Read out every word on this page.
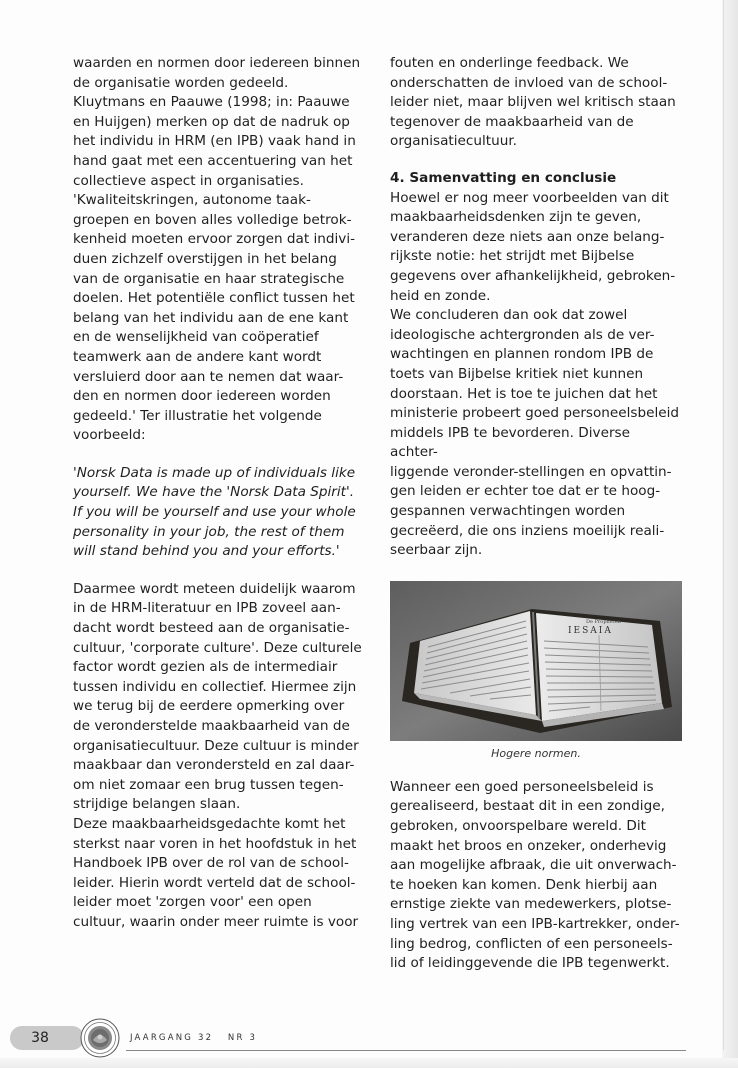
waarden en normen door iedereen binnen
de organisatie worden gedeeld.
Kluytmans en Paauwe (1998; in: Paauwe
en Huijgen) merken op dat de nadruk op
het individu in HRM (en IPB) vaak hand in
hand gaat met een accentuering van het
collectieve aspect in organisaties.
'Kwaliteitskringen, autonome taak-
groepen en boven alles volledige betrok-
kenheid moeten ervoor zorgen dat indivi-
duen zichzelf overstijgen in het belang
van de organisatie en haar strategische
doelen. Het potentiële conflict tussen het
belang van het individu aan de ene kant
en de wenselijkheid van coöperatief
teamwerk aan de andere kant wordt
versluierd door aan te nemen dat waar-
den en normen door iedereen worden
gedeeld.' Ter illustratie het volgende
voorbeeld:

'Norsk Data is made up of individuals like
yourself. We have the 'Norsk Data Spirit'.
If you will be yourself and use your whole
personality in your job, the rest of them
will stand behind you and your efforts.'

Daarmee wordt meteen duidelijk waarom
in de HRM-literatuur en IPB zoveel aan-
dacht wordt besteed aan de organisatie-
cultuur, 'corporate culture'. Deze culturele
factor wordt gezien als de intermediair
tussen individu en collectief. Hiermee zijn
we terug bij de eerdere opmerking over
de veronderstelde maakbaarheid van de
organisatiecultuur. Deze cultuur is minder
maakbaar dan verondersteld en zal daar-
om niet zomaar een brug tussen tegen-
strijdige belangen slaan.
Deze maakbaarheidsgedachte komt het
sterkst naar voren in het hoofdstuk in het
Handboek IPB over de rol van de school-
leider. Hierin wordt verteld dat de school-
leider moet 'zorgen voor' een open
cultuur, waarin onder meer ruimte is voor

fouten en onderlinge feedback. We
onderschatten de invloed van de school-
leider niet, maar blijven wel kritisch staan
tegenover de maakbaarheid van de
organisatiecultuur.

4. Samenvatting en conclusie

Hoewel er nog meer voorbeelden van dit
maakbaarheidsdenken zijn te geven,
veranderen deze niets aan onze belang-
rijkste notie: het strijdt met Bijbelse
gegevens over afhankelijkheid, gebroken-
heid en zonde.
We concluderen dan ook dat zowel
ideologische achtergronden als de ver-
wachtingen en plannen rondom IPB de
toets van Bijbelse kritiek niet kunnen
doorstaan. Het is toe te juichen dat het
ministerie probeert goed personeelsbeleid
middels IPB te bevorderen. Diverse achter-
liggende veronder-stellingen en opvattin-
gen leiden er echter toe dat er te hoog-
gespannen verwachtingen worden
gecreëerd, die ons inziens moeilijk reali-
seerbaar zijn.

De Propheten
IESAIA
Hogere normen.

Wanneer een goed personeelsbeleid is
gerealiseerd, bestaat dit in een zondige,
gebroken, onvoorspelbare wereld. Dit
maakt het broos en onzeker, onderhevig
aan mogelijke afbraak, die uit onverwach-
te hoeken kan komen. Denk hierbij aan
ernstige ziekte van medewerkers, plotse-
ling vertrek van een IPB-kartrekker, onder-
ling bedrog, conflicten of een personeels-
lid of leidinggevende die IPB tegenwerkt.

38	JAARGANG 32   NR 3
